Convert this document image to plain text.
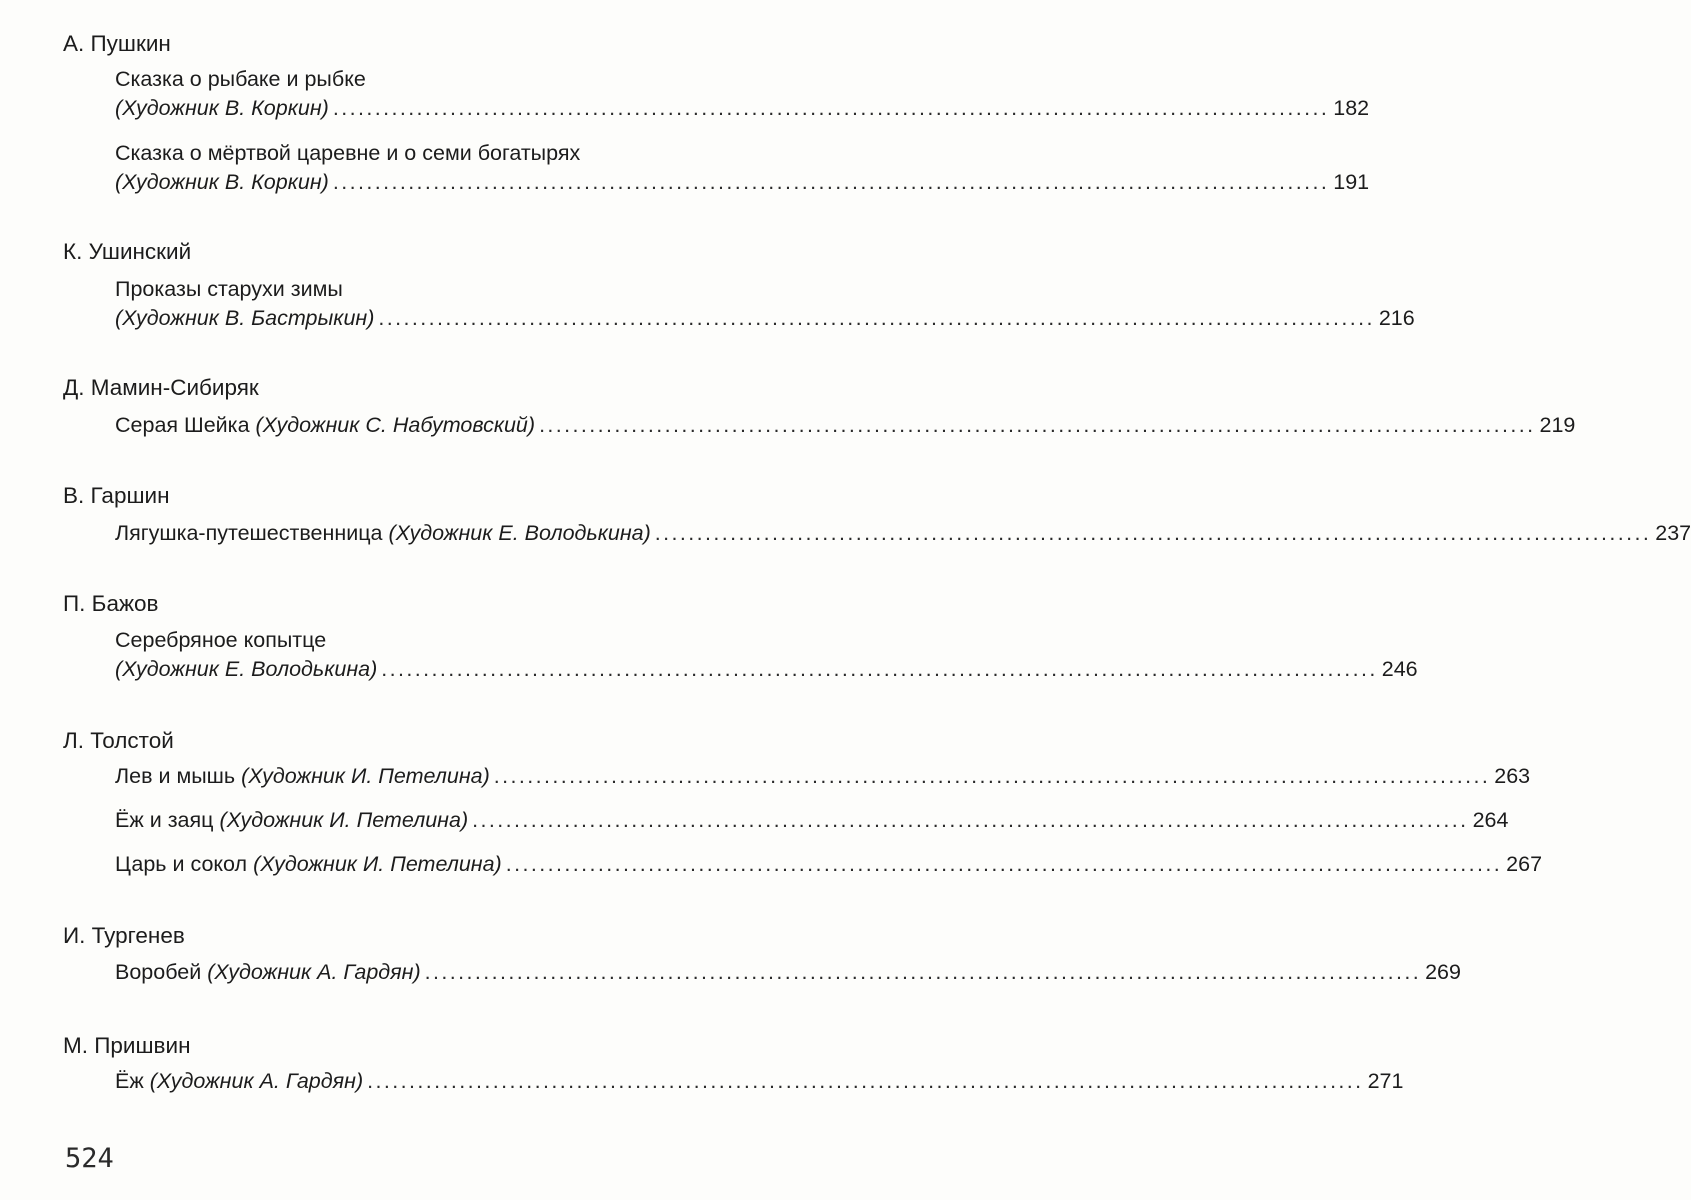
А. Пушкин
Сказка о рыбаке и рыбке
(Художник В. Коркин) ....................................................................................................................... 182
Сказка о мёртвой царевне и о семи богатырях
(Художник В. Коркин) ....................................................................................................................... 191
К. Ушинский
Проказы старухи зимы
(Художник В. Бастрыкин) ....................................................................................................................... 216
Д. Мамин-Сибиряк
Серая Шейка
(Художник С. Набутовский) ....................................................................................................................... 219
В. Гаршин
Лягушка-путешественница
(Художник Е. Володькина) ....................................................................................................................... 237
П. Бажов
Серебряное копытце
(Художник Е. Володькина) ....................................................................................................................... 246
Л. Толстой
Лев и мышь
(Художник И. Петелина) ....................................................................................................................... 263
Ёж и заяц
(Художник И. Петелина) ....................................................................................................................... 264
Царь и сокол
(Художник И. Петелина) ....................................................................................................................... 267
И. Тургенев
Воробей
(Художник А. Гардян) ....................................................................................................................... 269
М. Пришвин
Ёж
(Художник А. Гардян) ....................................................................................................................... 271
524
